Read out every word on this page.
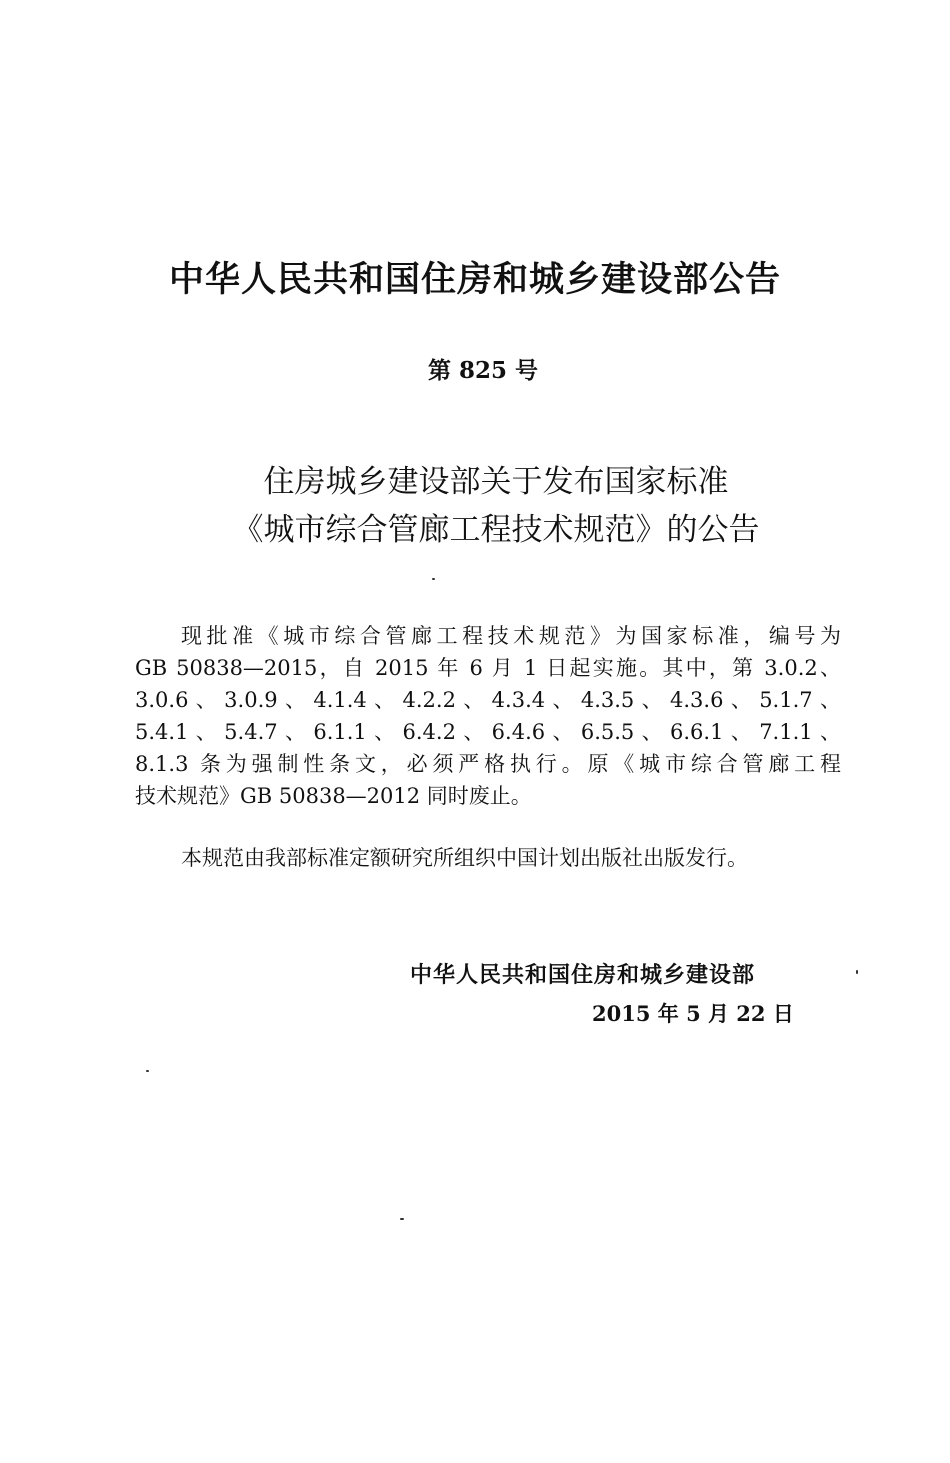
中华人民共和国住房和城乡建设部公告
第 825 号
住房城乡建设部关于发布国家标准
《城市综合管廊工程技术规范》的公告
现批准《城市综合管廊工程技术规范》为国家标准，编号为
GB 50838—2015，自 2015 年 6 月 1 日起实施。其中，第 3.0.2、
3.0.6、3.0.9、4.1.4、4.2.2、4.3.4、4.3.5、4.3.6、5.1.7、
5.4.1、5.4.7、6.1.1、6.4.2、6.4.6、6.5.5、6.6.1、7.1.1、
8.1.3 条为强制性条文，必须严格执行。原《城市综合管廊工程
技术规范》GB 50838—2012 同时废止。
本规范由我部标准定额研究所组织中国计划出版社出版发行。
中华人民共和国住房和城乡建设部
2015 年 5 月 22 日
